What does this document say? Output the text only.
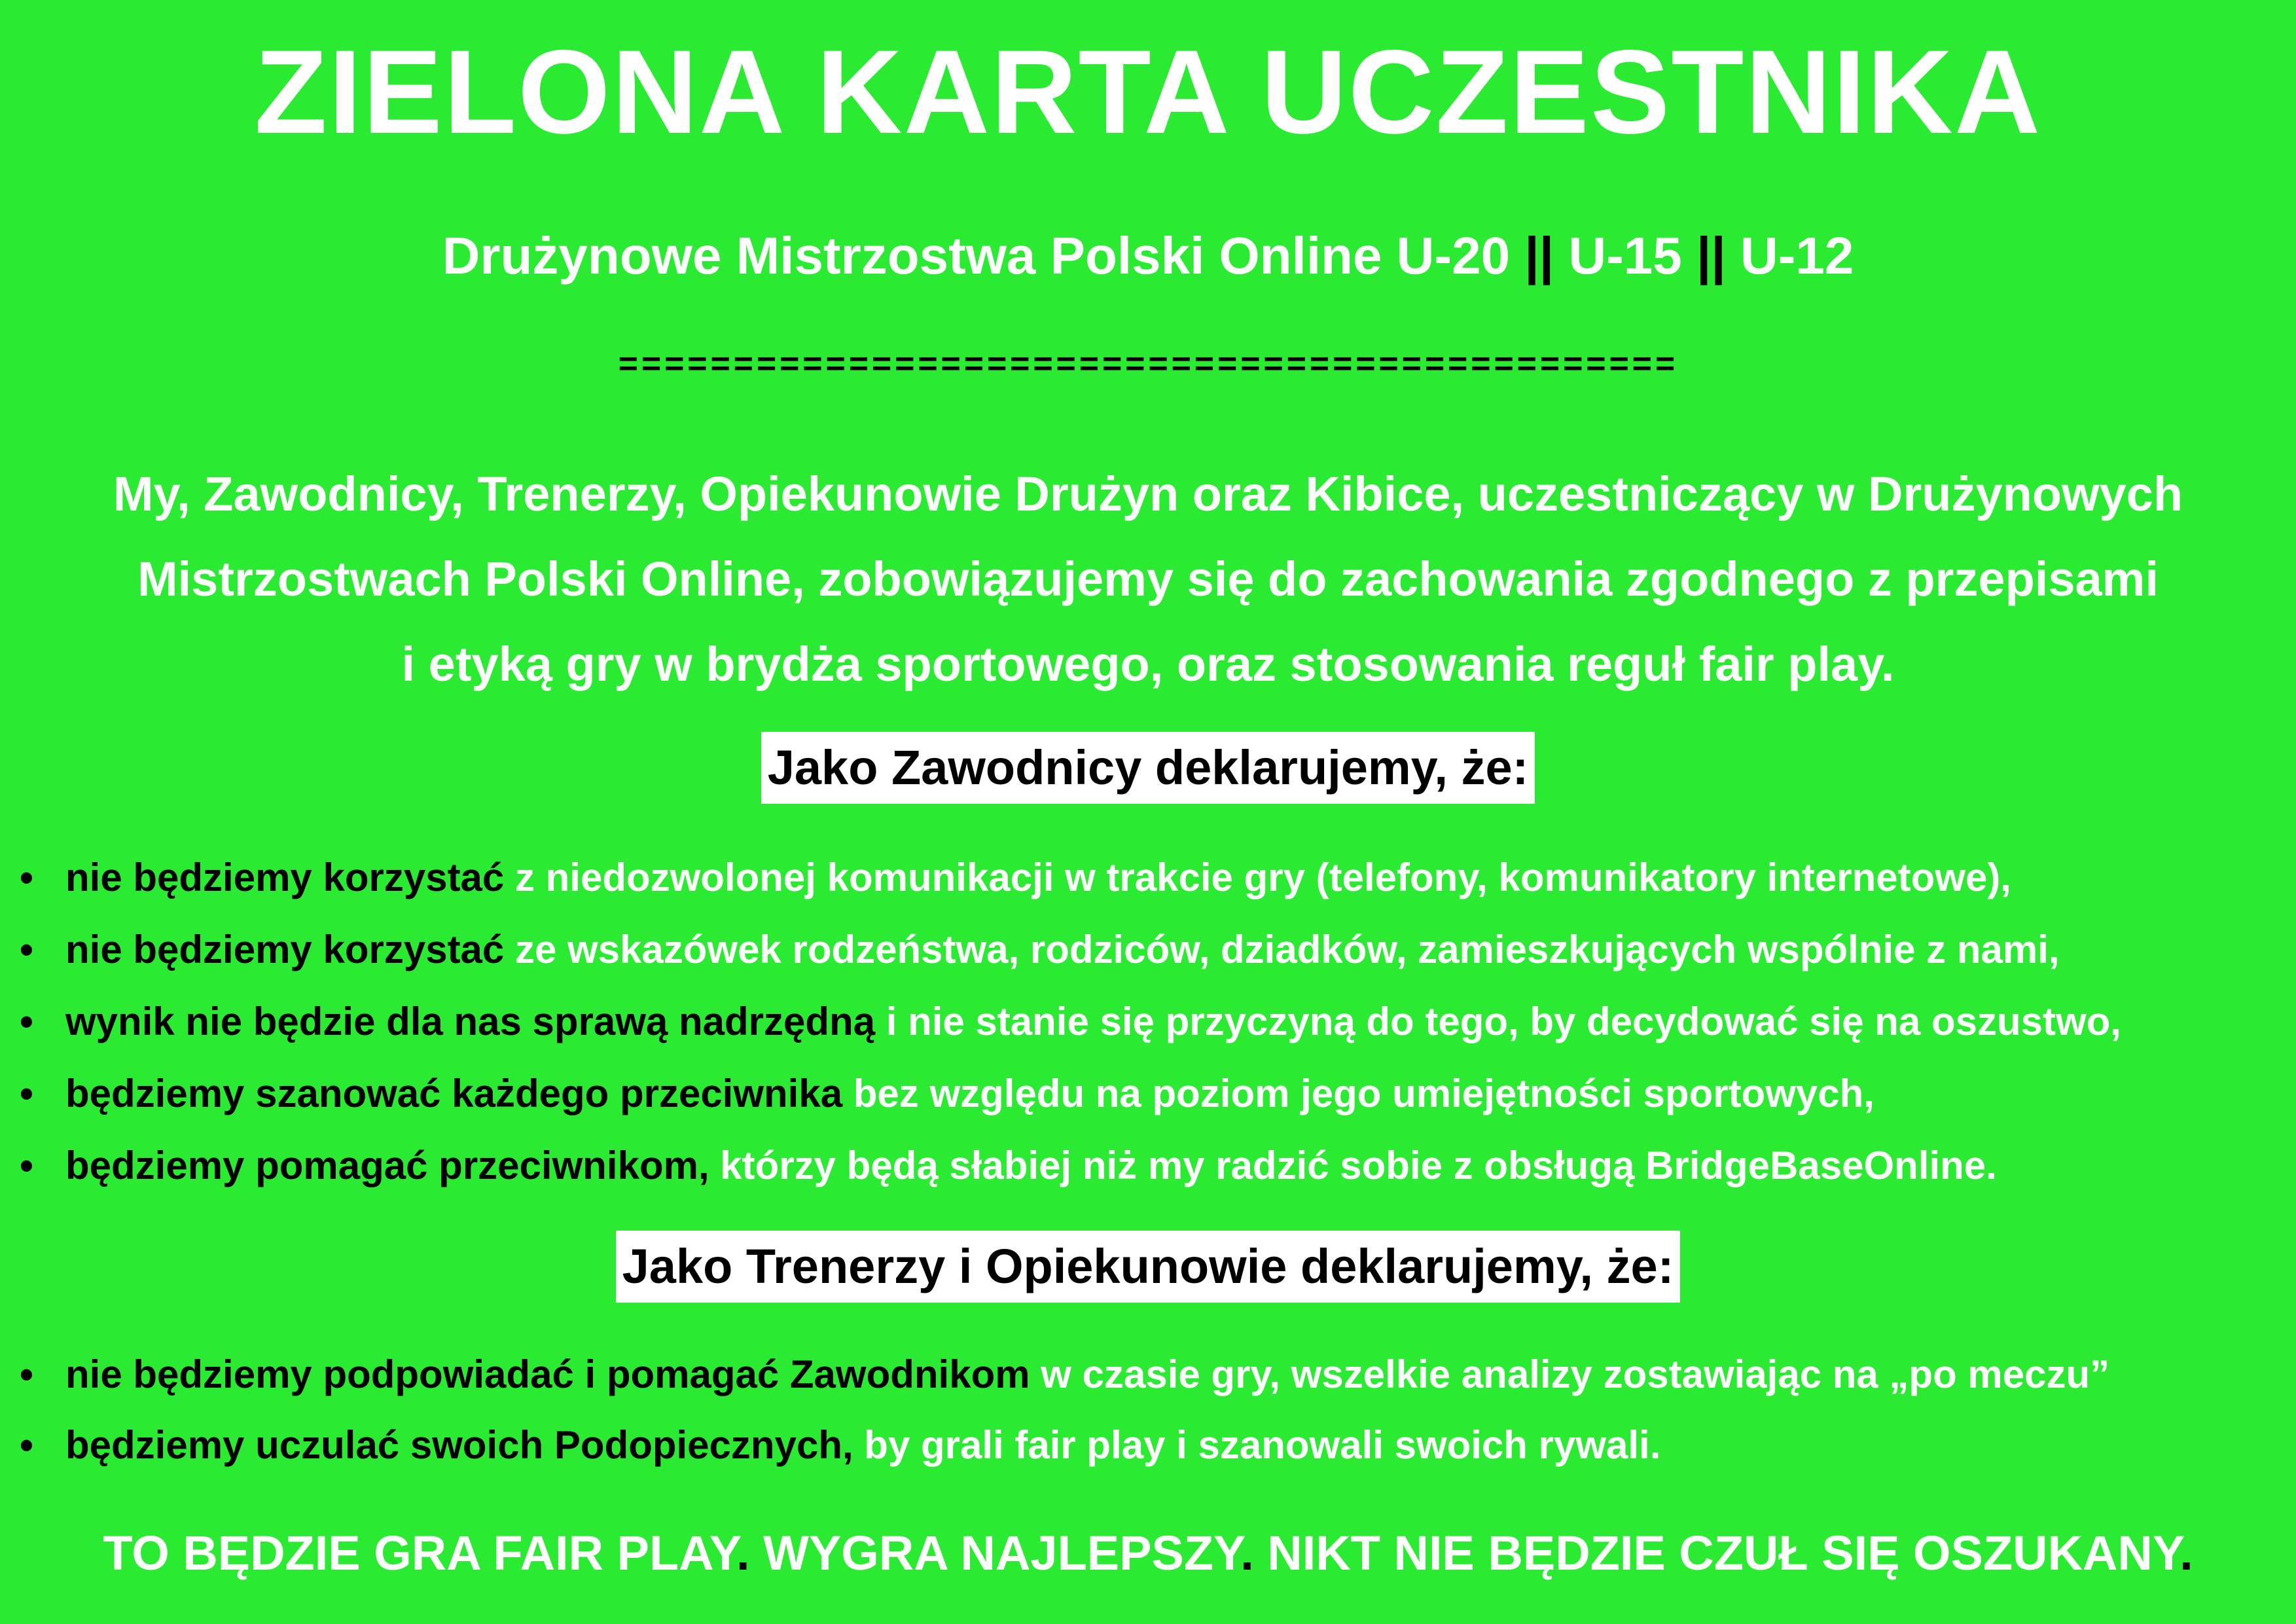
ZIELONA KARTA UCZESTNIKA
Drużynowe Mistrzostwa Polski Online U-20 || U-15 || U-12
==============================================
My, Zawodnicy, Trenerzy, Opiekunowie Drużyn oraz Kibice, uczestniczący w Drużynowych
Mistrzostwach Polski Online, zobowiązujemy się do zachowania zgodnego z przepisami
i etyką gry w brydża sportowego, oraz stosowania reguł fair play.
Jako Zawodnicy deklarujemy, że:
• nie będziemy korzystać z niedozwolonej komunikacji w trakcie gry (telefony, komunikatory internetowe),
• nie będziemy korzystać ze wskazówek rodzeństwa, rodziców, dziadków, zamieszkujących wspólnie z nami,
• wynik nie będzie dla nas sprawą nadrzędną i nie stanie się przyczyną do tego, by decydować się na oszustwo,
• będziemy szanować każdego przeciwnika bez względu na poziom jego umiejętności sportowych,
• będziemy pomagać przeciwnikom, którzy będą słabiej niż my radzić sobie z obsługą BridgeBaseOnline.
Jako Trenerzy i Opiekunowie deklarujemy, że:
• nie będziemy podpowiadać i pomagać Zawodnikom w czasie gry, wszelkie analizy zostawiając na „po meczu”
• będziemy uczulać swoich Podopiecznych, by grali fair play i szanowali swoich rywali.
TO BĘDZIE GRA FAIR PLAY. WYGRA NAJLEPSZY. NIKT NIE BĘDZIE CZUŁ SIĘ OSZUKANY.
